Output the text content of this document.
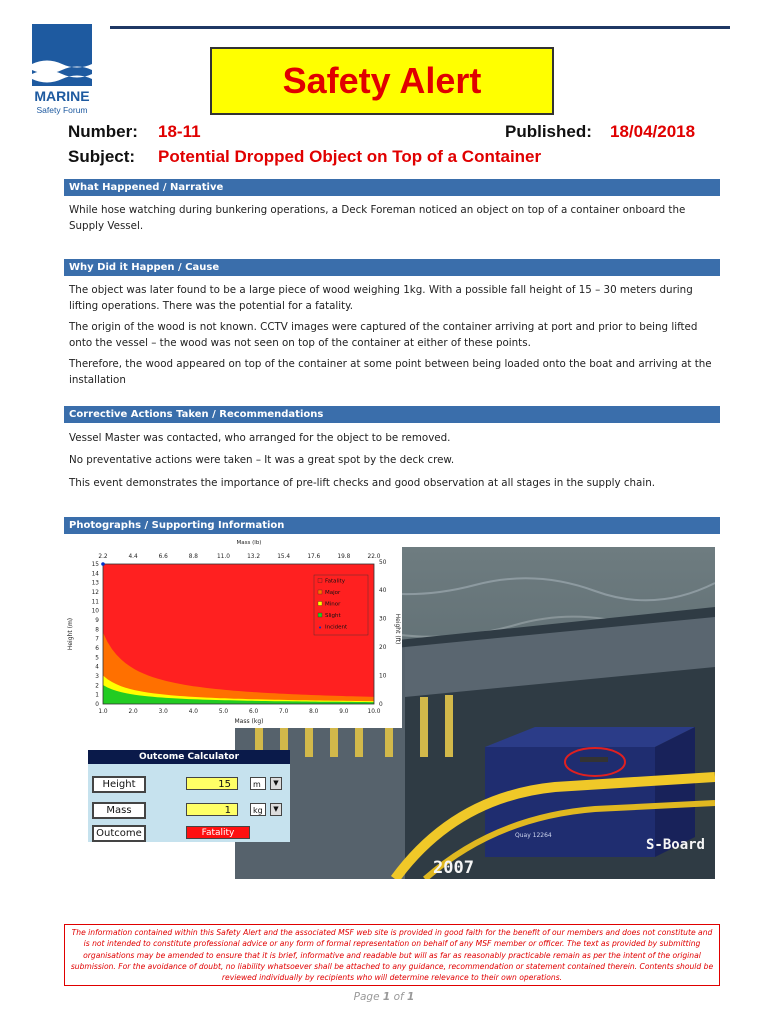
MARINE
Safety Forum
Safety Alert
Number: 18-11	Published: 18/04/2018
Subject: Potential Dropped Object on Top of a Container
What Happened / Narrative
While hose watching during bunkering operations, a Deck Foreman noticed an object on top of a container onboard the Supply Vessel.
Why Did it Happen / Cause
The object was later found to be a large piece of wood weighing 1kg. With a possible fall height of 15 – 30 meters during lifting operations. There was the potential for a fatality.
The origin of the wood is not known. CCTV images were captured of the container arriving at port and prior to being lifted onto the vessel – the wood was not seen on top of the container at either of these points.
Therefore, the wood appeared on top of the container at some point between being loaded onto the boat and arriving at the installation
Corrective Actions Taken / Recommendations
Vessel Master was contacted, who arranged for the object to be removed.
No preventative actions were taken – It was a great spot by the deck crew.
This event demonstrates the importance of pre-lift checks and good observation at all stages in the supply chain.
Photographs / Supporting Information
Quay 12264
S-Board
2007
1.0	2.0	3.0	4.0	5.0	6.0	7.0	8.0	9.0	10.0
2.2	4.4	6.6	8.8	11.0	13.2	15.4	17.6	19.8	22.0
0
1
2
3
4
5
6
7
8
9
10
11
12
13
14
15
0
10
20
30
40
50
Mass (lb)
Mass (kg)
Height (m)	Height (ft)
Fatality
Major
Minor
Slight
• Incident
Outcome Calculator
Height	15	m	▼
Mass	1	kg	▼
Outcome	Fatality
The information contained within this Safety Alert and the associated MSF web site is provided in good faith for the benefit of our members and does not constitute and is not intended to constitute professional advice or any form of formal representation on behalf of any MSF member or officer. The text as provided by submitting organisations may be amended to ensure that it is brief, informative and readable but will as far as reasonably practicable remain as per the intent of the original submission. For the avoidance of doubt, no liability whatsoever shall be attached to any guidance, recommendation or statement contained therein. Contents should be reviewed individually by recipients who will determine relevance to their own operations.
Page 1 of 1
